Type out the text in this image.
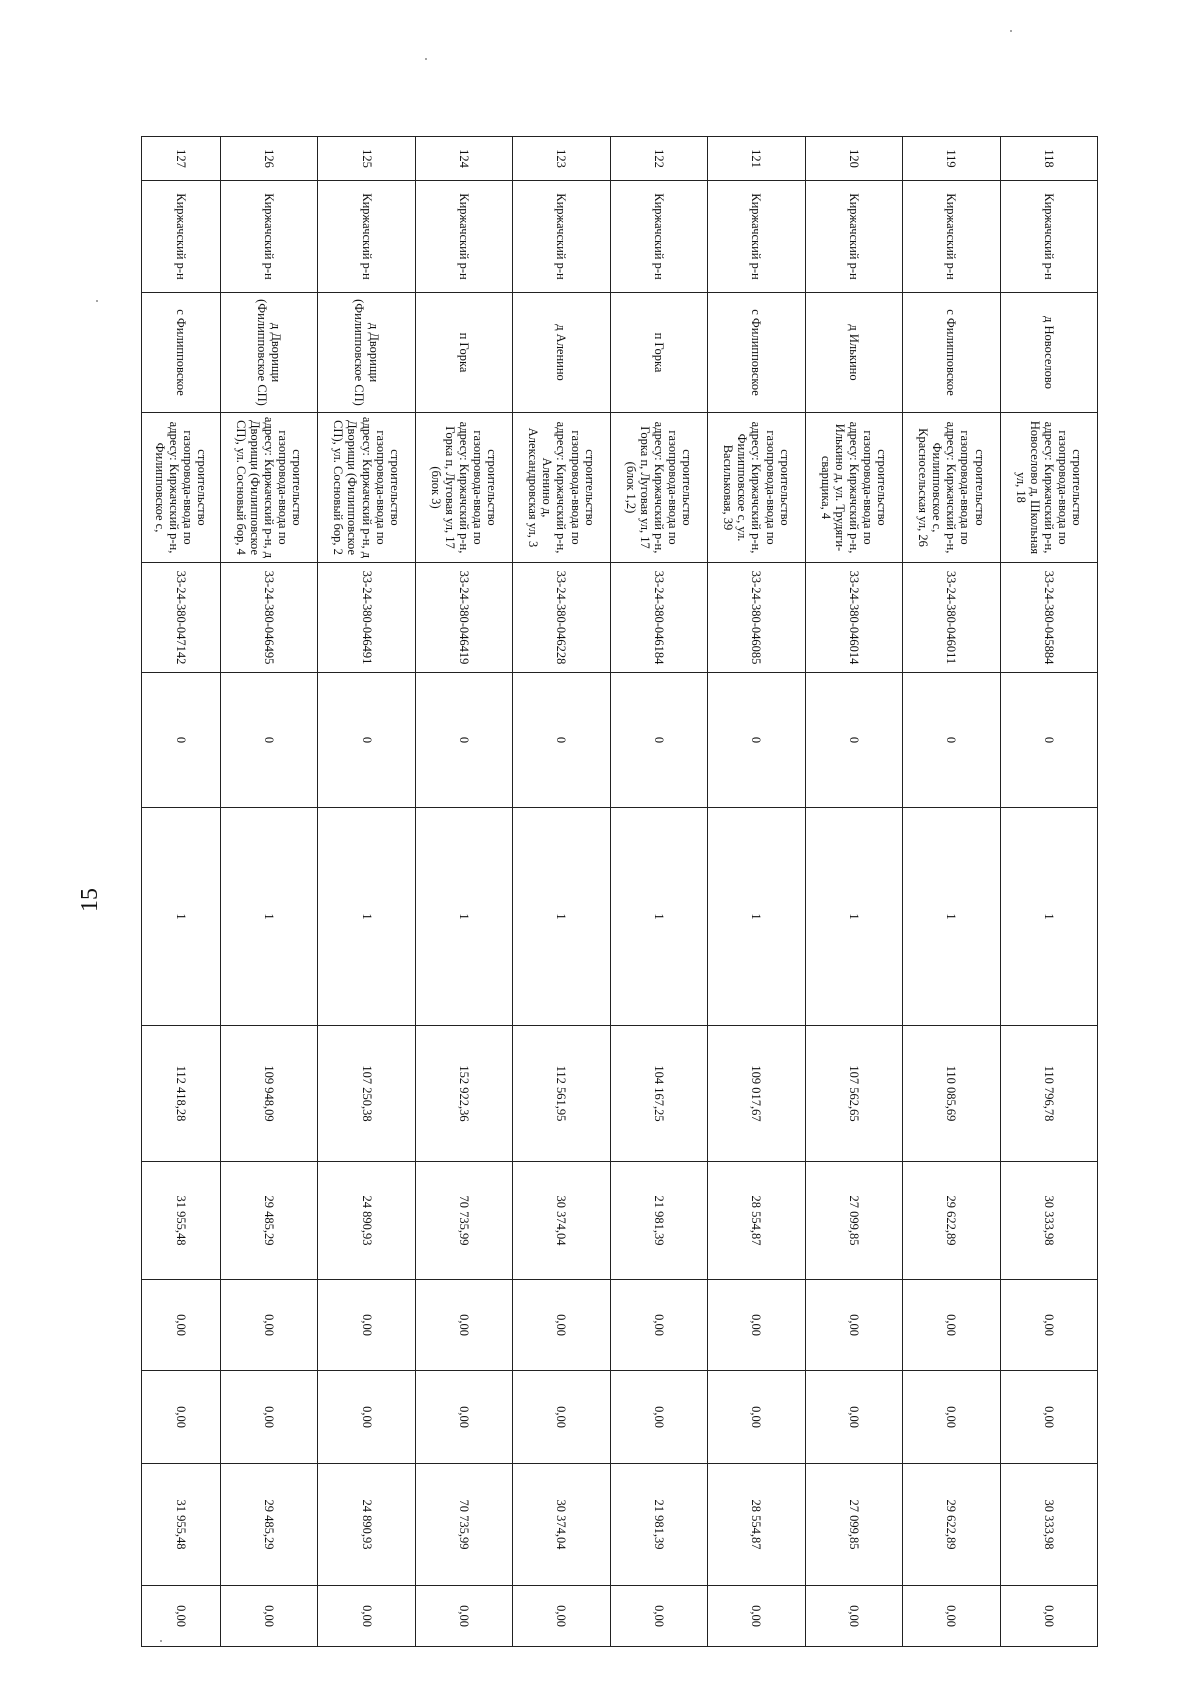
15
118	Киржачский р-н	д Новоселово	строительство газопровода-ввода по адресу: Киржачский р-н, Новоселово д, Школьная ул, 18	33-24-380-045884	0	1	110 796,78	30 333,98	0,00	0,00	30 333,98	0,00
119	Киржачский р-н	с Филипповское	строительство газопровода-ввода по адресу: Киржачский р-н, Филипповское с, Красносельская ул, 26	33-24-380-046011	0	1	110 085,69	29 622,89	0,00	0,00	29 622,89	0,00
120	Киржачский р-н	д Илькино	строительство газопровода-ввода по адресу: Киржачский р-н, Илькино д, ул. Трудяги-сварщика, 4	33-24-380-046014	0	1	107 562,65	27 099,85	0,00	0,00	27 099,85	0,00
121	Киржачский р-н	с Филипповское	строительство газопровода-ввода по адресу: Киржачский р-н, Филипповское с, ул. Васильковая, 39	33-24-380-046085	0	1	109 017,67	28 554,87	0,00	0,00	28 554,87	0,00
122	Киржачский р-н	п Горка	строительство газопровода-ввода по адресу: Киржачский р-н, Горка п, Луговая ул, 17 (блок 1,2)	33-24-380-046184	0	1	104 167,25	21 981,39	0,00	0,00	21 981,39	0,00
123	Киржачский р-н	д Аленино	строительство газопровода-ввода по адресу: Киржачский р-н, Аленино д, Александровская ул, 3	33-24-380-046228	0	1	112 561,95	30 374,04	0,00	0,00	30 374,04	0,00
124	Киржачский р-н	п Горка	строительство газопровода-ввода по адресу: Киржачский р-н, Горка п, Луговая ул, 17 (блок 3)	33-24-380-046419	0	1	152 922,36	70 735,99	0,00	0,00	70 735,99	0,00
125	Киржачский р-н	д Дворищи (Филипповское СП)	строительство газопровода-ввода по адресу: Киржачский р-н, д Дворищи (Филипповское СП), ул. Сосновый бор, 2	33-24-380-046491	0	1	107 250,38	24 890,93	0,00	0,00	24 890,93	0,00
126	Киржачский р-н	д Дворищи (Филипповское СП)	строительство газопровода-ввода по адресу: Киржачский р-н, д Дворищи (Филипповское СП), ул. Сосновый бор, 4	33-24-380-046495	0	1	109 948,09	29 485,29	0,00	0,00	29 485,29	0,00
127	Киржачский р-н	с Филипповское	строительство газопровода-ввода по адресу: Киржачский р-н, Филипповское с,	33-24-380-047142	0	1	112 418,28	31 955,48	0,00	0,00	31 955,48	0,00
